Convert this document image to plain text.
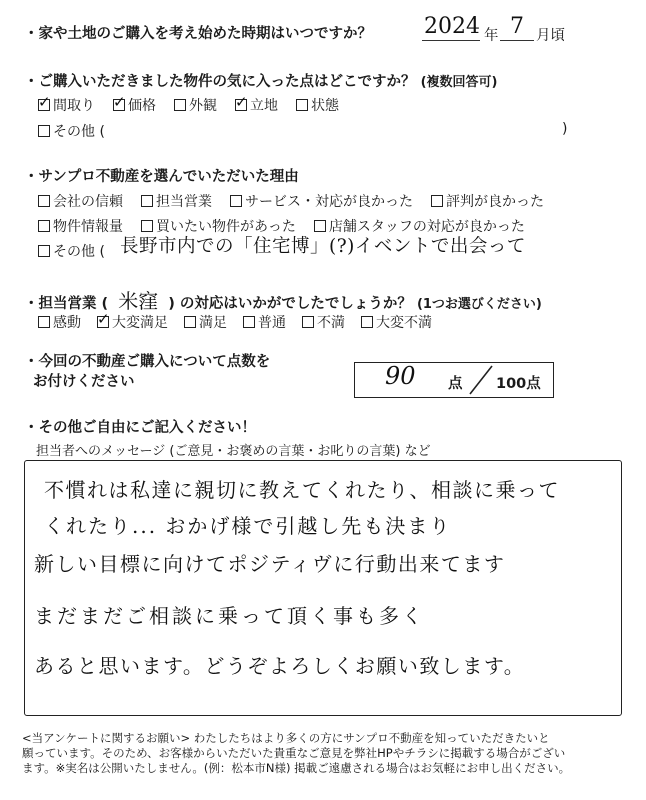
・家や土地のご購入を考え始めた時期はいつですか？ 2024 年 7 月頃
・ご購入いただきました物件の気に入った点はどこですか？ (複数回答可)
✓間取り ✓	価格	外観 ✓	立地	状態
その他 (	)
・サンプロ不動産を選んでいただいた理由
会社の信頼	担当営業	サービス・対応が良かった	評判が良かった
物件情報量	買いたい物件があった	店舗スタッフの対応が良かった
その他 ( 長野市内での「住宅博」(?)イベントで出会って
・担当営業 ( 米窪 ) の対応はいかがでしたでしょうか？ (1つお選びください)
感動 ✓	大変満足	満足	普通	不満	大変不満
・今回の不動産ご購入について点数を
お付けください	90 点 100点
・その他ご自由にご記入ください！
担当者へのメッセージ (ご意見・お褒めの言葉・お叱りの言葉) など
不慣れは私達に親切に教えてくれたり、相談に乗って
くれたり... おかげ様で引越し先も決まり
新しい目標に向けてポジティヴに行動出来てます
まだまだご相談に乗って頂く事も多く
あると思います。どうぞよろしくお願い致します。
<当アンケートに関するお願い> わたしたちはより多くの方にサンプロ不動産を知っていただきたいと
願っています。そのため、お客様からいただいた貴重なご意見を弊社HPやチラシに掲載する場合がござい
ます。※実名は公開いたしません。(例：松本市N様) 掲載ご遠慮される場合はお気軽にお申し出ください。
